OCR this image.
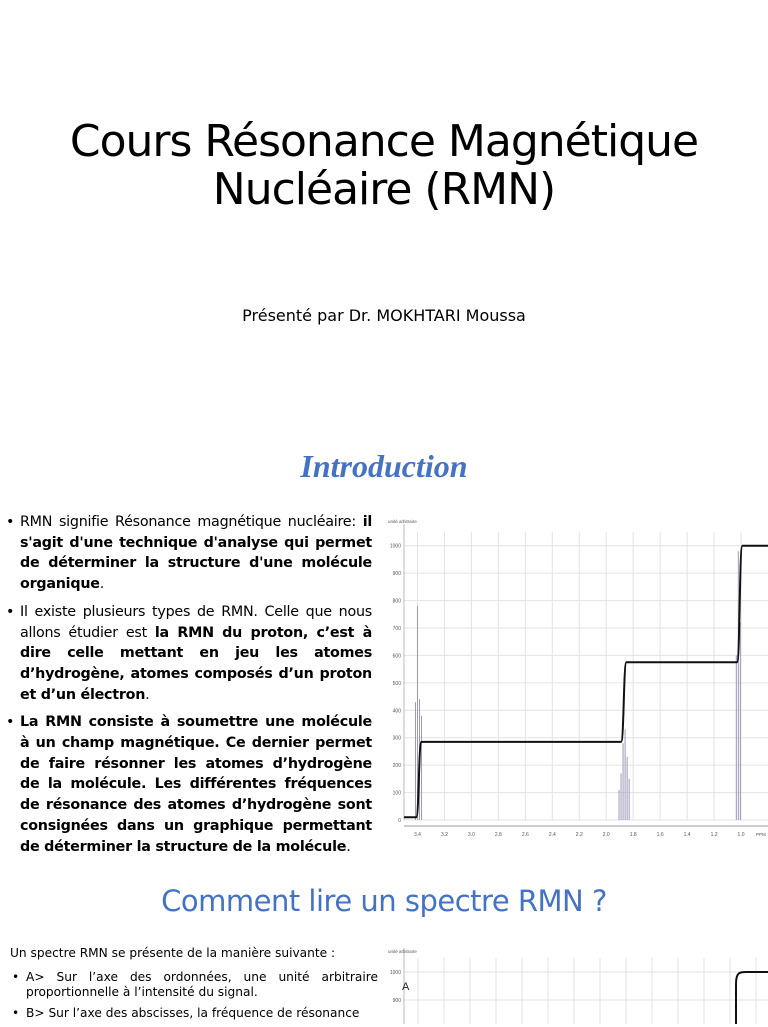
Cours Résonance Magnétique
Nucléaire (RMN)
Présenté par Dr. MOKHTARI Moussa
Introduction
• RMN signifie Résonance magnétique nucléaire: il s'agit d'une technique d'analyse qui permet de déterminer la structure d'une molécule organique.
• Il existe plusieurs types de RMN. Celle que nous allons étudier est la RMN du proton, c’est à dire celle mettant en jeu les atomes d’hydrogène, atomes composés d’un proton et d’un électron.
• La RMN consiste à soumettre une molécule à un champ magnétique. Ce dernier permet de faire résonner les atomes d’hydrogène de la molécule. Les différentes fréquences de résonance des atomes d’hydrogène sont consignées dans un graphique permettant de déterminer la structure de la molécule.
0
100
200
300
400
500
600
700
800
900
1000
3.4	3.2	3.0	2.8	2.6	2.4	2.2	2.0	1.8	1.6	1.4	1.2	1.0	PPM
unité arbitraire
Comment lire un spectre RMN ?
Un spectre RMN se présente de la manière suivante :
• A> Sur l’axe des ordonnées, une unité arbitraire proportionnelle à l’intensité du signal.
• B> Sur l’axe des abscisses, la fréquence de résonance
900
1000
unité arbitraire
A
